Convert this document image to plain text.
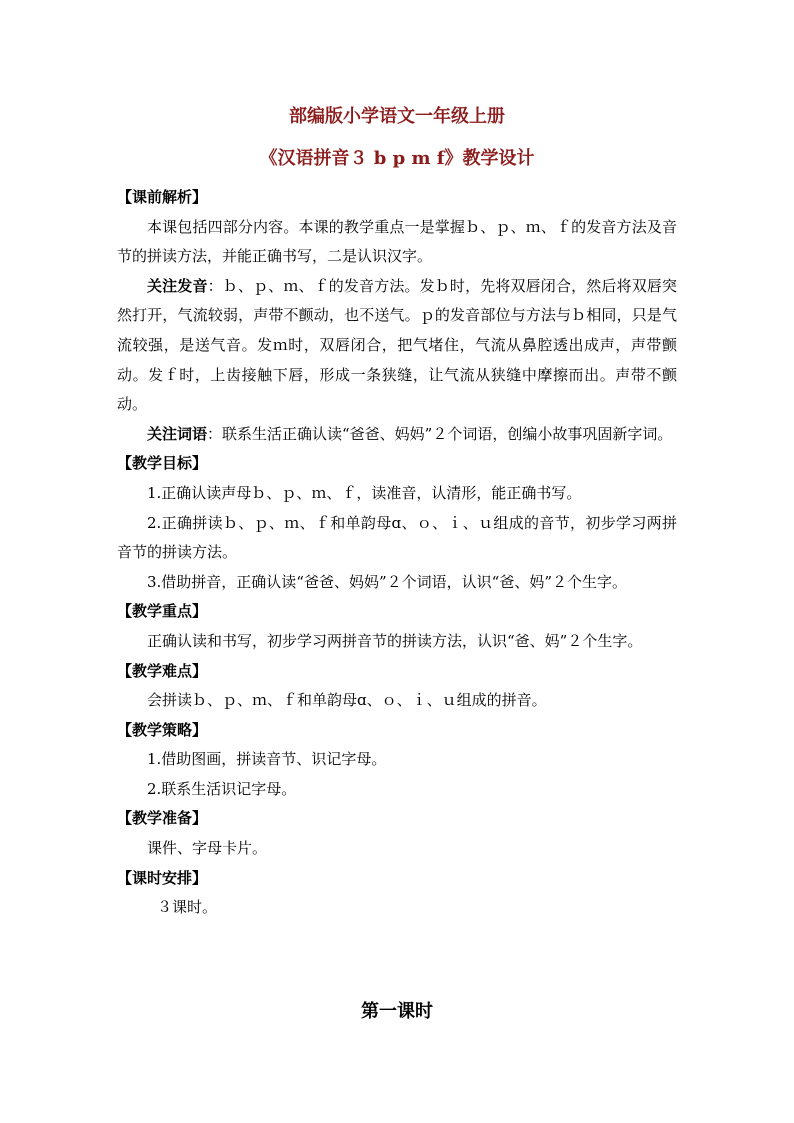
部编版小学语文一年级上册
《汉语拼音３ b p m f》教学设计
【课前解析】
本课包括四部分内容。本课的教学重点一是掌握ｂ、ｐ、ｍ、ｆ的发音方法及音节的拼读方法，并能正确书写，二是认识汉字。
关注发音：ｂ、ｐ、ｍ、ｆ的发音方法。发ｂ时，先将双唇闭合，然后将双唇突然打开，气流较弱，声带不颤动，也不送气。ｐ的发音部位与方法与ｂ相同，只是气流较强，是送气音。发ｍ时，双唇闭合，把气堵住，气流从鼻腔透出成声，声带颤动。发ｆ时，上齿接触下唇，形成一条狭缝，让气流从狭缝中摩擦而出。声带不颤动。
关注词语：联系生活正确认读“爸爸、妈妈”２个词语，创编小故事巩固新字词。
【教学目标】
1.正确认读声母ｂ、ｐ、ｍ、ｆ，读准音，认清形，能正确书写。
2.正确拼读ｂ、ｐ、ｍ、ｆ和单韵母ɑ、ｏ、ｉ、ｕ组成的音节，初步学习两拼音节的拼读方法。
3.借助拼音，正确认读“爸爸、妈妈”２个词语，认识“爸、妈”２个生字。
【教学重点】
正确认读和书写，初步学习两拼音节的拼读方法，认识“爸、妈”２个生字。
【教学难点】
会拼读ｂ、ｐ、ｍ、ｆ和单韵母ɑ、ｏ、ｉ、ｕ组成的拼音。
【教学策略】
1.借助图画，拼读音节、识记字母。
2.联系生活识记字母。
【教学准备】
课件、字母卡片。
【课时安排】
３课时。
第一课时
